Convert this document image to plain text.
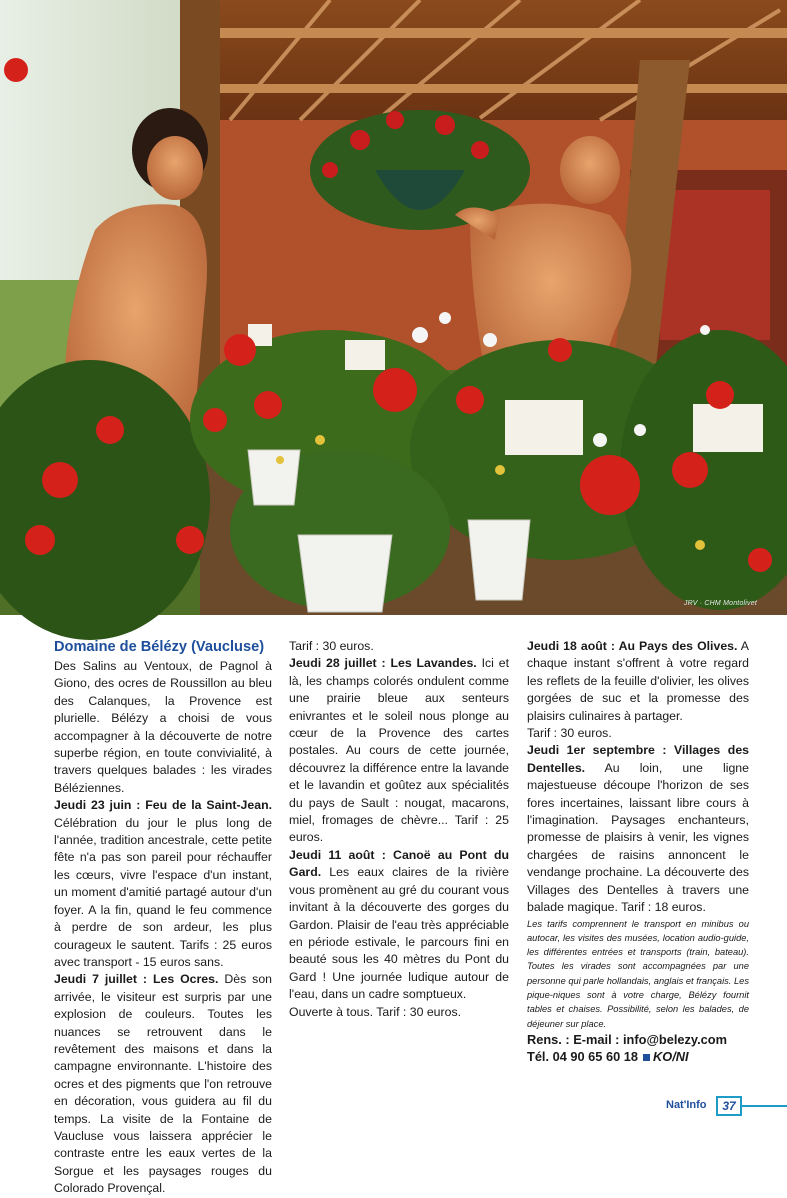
JRV · CHM Montolivet

Domaine de Bélézy (Vaucluse)

Des Salins au Ventoux, de Pagnol à Giono, des ocres de Roussillon au bleu des Calanques, la Provence est plurielle. Bélézy a choisi de vous accompagner à la découverte de notre superbe région, en toute convivialité, à travers quelques balades : les virades Béléziennes.

Jeudi 23 juin : Feu de la Saint-Jean. Célébration du jour le plus long de l'année, tradition ancestrale, cette petite fête n'a pas son pareil pour réchauffer les cœurs, vivre l'espace d'un instant, un moment d'amitié partagé autour d'un foyer. A la fin, quand le feu commence à perdre de son ardeur, les plus courageux le sautent. Tarifs : 25 euros avec transport - 15 euros sans.

Jeudi 7 juillet : Les Ocres. Dès son arrivée, le visiteur est surpris par une explosion de couleurs. Toutes les nuances se retrouvent dans le revêtement des maisons et dans la campagne environnante. L'histoire des ocres et des pigments que l'on retrouve en décoration, vous guidera au fil du temps. La visite de la Fontaine de Vaucluse vous laissera apprécier le contraste entre les eaux vertes de la Sorgue et les paysages rouges du Colorado Provençal.

Tarif : 30 euros.

Jeudi 28 juillet : Les Lavandes. Ici et là, les champs colorés ondulent comme une prairie bleue aux senteurs enivrantes et le soleil nous plonge au cœur de la Provence des cartes postales. Au cours de cette journée, découvrez la différence entre la lavande et le lavandin et goûtez aux spécialités du pays de Sault : nougat, macarons, miel, fromages de chèvre... Tarif : 25 euros.

Jeudi 11 août : Canoë au Pont du Gard. Les eaux claires de la rivière vous promènent au gré du courant vous invitant à la découverte des gorges du Gardon. Plaisir de l'eau très appréciable en période estivale, le parcours fini en beauté sous les 40 mètres du Pont du Gard ! Une journée ludique autour de l'eau, dans un cadre somptueux.

Ouverte à tous. Tarif : 30 euros.

Jeudi 18 août : Au Pays des Olives. A chaque instant s'offrent à votre regard les reflets de la feuille d'olivier, les olives gorgées de suc et la promesse des plaisirs culinaires à partager.

Tarif : 30 euros.

Jeudi 1er septembre : Villages des Dentelles. Au loin, une ligne majestueuse découpe l'horizon de ses fores incertaines, laissant libre cours à l'imagination. Paysages enchanteurs, promesse de plaisirs à venir, les vignes chargées de raisins annoncent le vendange prochaine. La découverte des Villages des Dentelles à travers une balade magique. Tarif : 18 euros.

Les tarifs comprennent le transport en minibus ou autocar, les visites des musées, location audio-guide, les différentes entrées et transports (train, bateau). Toutes les virades sont accompagnées par une personne qui parle hollandais, anglais et français. Les pique-niques sont à votre charge, Bélézy fournit tables et chaises. Possibilité, selon les balades, de déjeuner sur place.

Rens. : E-mail : info@belezy.com

Tél. 04 90 65 60 18 KO/NI

Nat'Info	37
